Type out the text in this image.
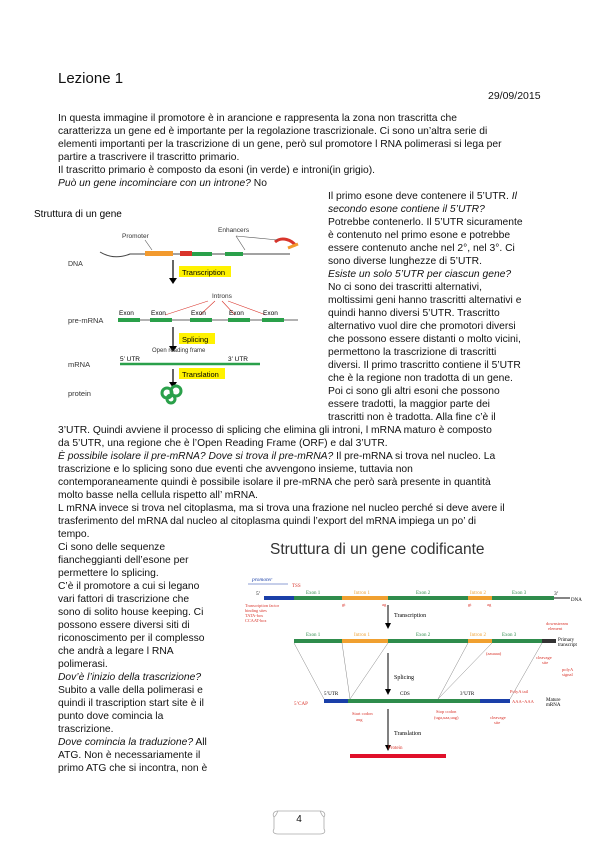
Lezione 1
29/09/2015
In questa immagine il promotore è in arancione e rappresenta la zona non trascritta che
caratterizza un gene ed è importante per la regolazione trascrizionale. Ci sono un’altra serie di
elementi importanti per la trascrizione di un gene, però sul promotore l RNA polimerasi si lega per
partire a trascrivere il trascritto primario.
Il trascritto primario è composto da esoni (in verde) e introni(in grigio).
Può un gene incominciare con un introne? No
Il primo esone deve contenere il 5’UTR. Il
secondo esone contiene il 5’UTR?
Potrebbe contenerlo. Il 5’UTR sicuramente
è contenuto nel primo esone e potrebbe
essere contenuto anche nel 2°, nel 3°. Ci
sono diverse lunghezze di 5’UTR.
Esiste un solo 5’UTR per ciascun gene?
No ci sono dei trascritti alternativi,
moltissimi geni hanno trascritti alternativi e
quindi hanno diversi 5’UTR. Trascritto
alternativo vuol dire che promotori diversi
che possono essere distanti o molto vicini,
permettono la trascrizione di trascritti
diversi. Il primo trascritto contiene il 5’UTR
che è la regione non tradotta di un gene.
Poi ci sono gli altri esoni che possono
essere tradotti, la maggior parte dei
trascritti non è tradotta. Alla fine c’è il
Struttura di un gene
Promoter
Enhancers
DNA
Transcription
Introns
Exon	Exon	Exon	Exon	Exon
pre-mRNA
Splicing
Open reading frame
5’ UTR	3’ UTR
mRNA
Translation
protein
3’UTR. Quindi avviene il processo di splicing che elimina gli introni, l mRNA maturo è composto
da 5’UTR, una regione che è l’Open Reading Frame (ORF) e dal 3’UTR.
È possibile isolare il pre-mRNA? Dove si trova il pre-mRNA? Il pre-mRNA si trova nel nucleo. La
trascrizione e lo splicing sono due eventi che avvengono insieme, tuttavia non
contemporaneamente quindi è possibile isolare il pre-mRNA che però sarà presente in quantità
molto basse nella cellula rispetto all’ mRNA.
L mRNA invece si trova nel citoplasma, ma si trova una frazione nel nucleo perché si deve avere il
trasferimento del mRNA dal nucleo al citoplasma quindi l’export del mRNA impiega un po’ di
tempo.
Ci sono delle sequenze
fiancheggianti dell’esone per
permettere lo splicing.
C’è il promotore a cui si legano
vari fattori di trascrizione che
sono di solito house keeping. Ci
possono essere diversi siti di
riconoscimento per il complesso
che andrà a legare l RNA
polimerasi.
Dov’è l’inizio della trascrizione?
Subito a valle della polimerasi e
quindi il trascription start site è il
punto dove comincia la
trascrizione.
Dove comincia la traduzione? All
ATG. Non è necessariamente il
primo ATG che si incontra, non è
Struttura di un gene codificante
promoter
TSS
5’	3’
DNA
Exon 1	Intron 1	Exon 2	Intron 2	Exon 3
Transcription factor
binding sites
TATA-box
CCAAT-box
gt	ag	gt	ag
Transcription
Exon 1	Intron 1	Exon 2	Intron 2	Exon 3
downstream
element
Primary
transcript
(aauaaa)
cleavage
site
polyA
signal
Splicing
5’UTR	CDS	3’UTR
PolyA tail
AAA~AAA Mature
mRNA
5’CAP
Start codon
aug
Stop codon
(uga,uaa,uag)	cleavage
site
Translation
Protein
4
